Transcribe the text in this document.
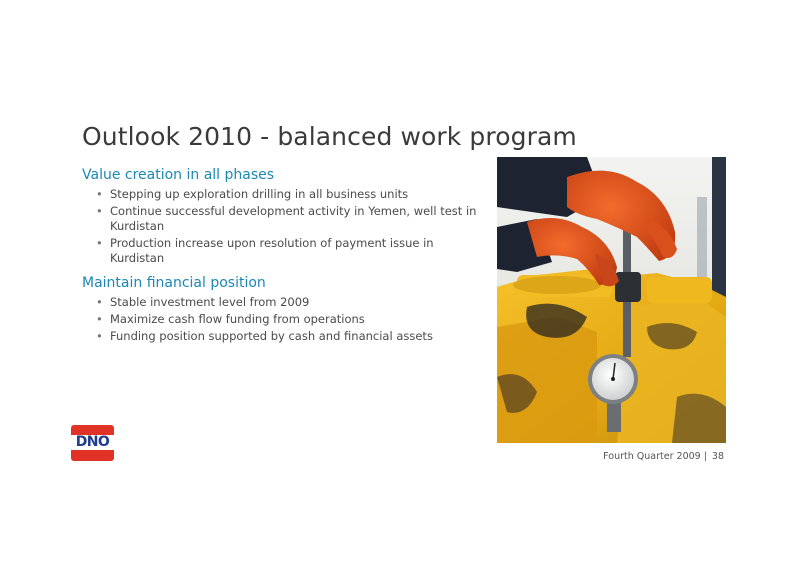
Outlook 2010 - balanced work program
Value creation in all phases
• Stepping up exploration drilling in all business units
• Continue successful development activity in Yemen, well test in Kurdistan
• Production increase upon resolution of payment issue in Kurdistan
Maintain financial position
• Stable investment level from 2009
• Maximize cash flow funding from operations
• Funding position supported by cash and financial assets
DNO
Fourth Quarter 2009 | 38
